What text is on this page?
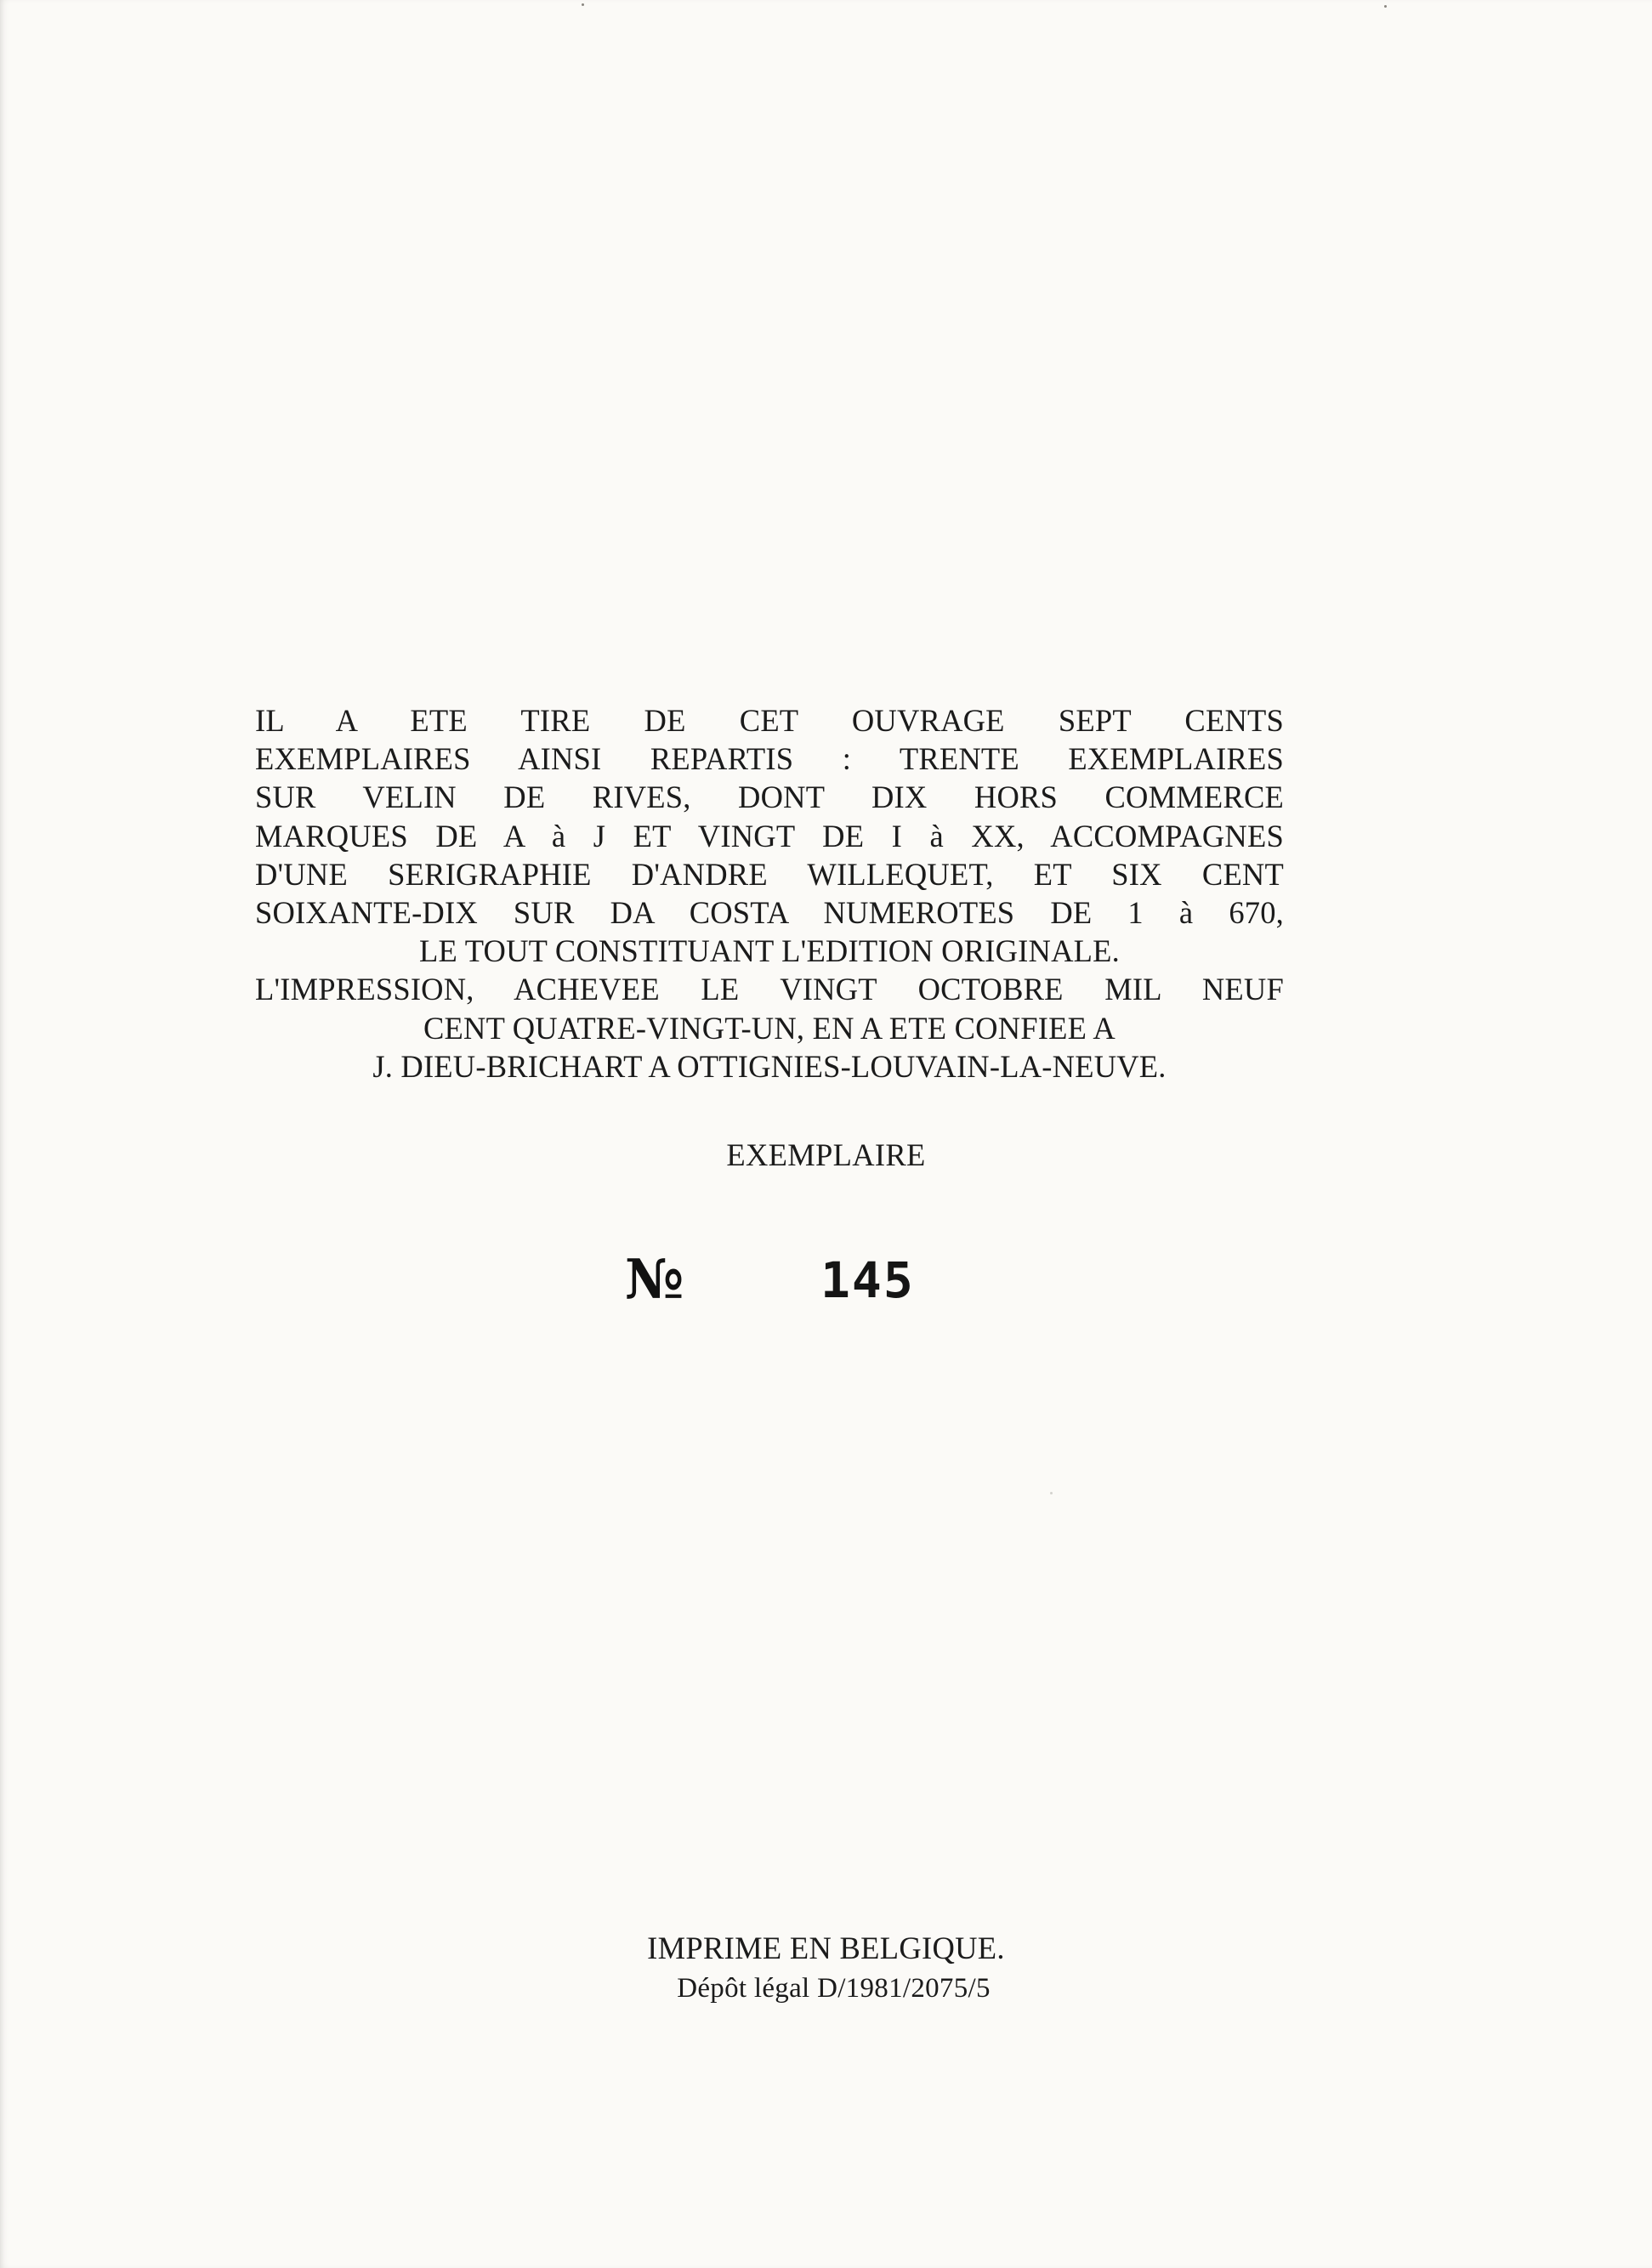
IL A ETE TIRE DE CET OUVRAGE SEPT CENTS
EXEMPLAIRES AINSI REPARTIS : TRENTE EXEMPLAIRES
SUR VELIN DE RIVES, DONT DIX HORS COMMERCE
MARQUES DE A à J ET VINGT DE I à XX, ACCOMPAGNES
D'UNE SERIGRAPHIE D'ANDRE WILLEQUET, ET SIX CENT
SOIXANTE-DIX SUR DA COSTA NUMEROTES DE 1 à 670,
LE TOUT CONSTITUANT L'EDITION ORIGINALE.
L'IMPRESSION, ACHEVEE LE VINGT OCTOBRE MIL NEUF
CENT QUATRE-VINGT-UN, EN A ETE CONFIEE A
J. DIEU-BRICHART A OTTIGNIES-LOUVAIN-LA-NEUVE.
EXEMPLAIRE
№	145
IMPRIME EN BELGIQUE.
Dépôt légal D/1981/2075/5
